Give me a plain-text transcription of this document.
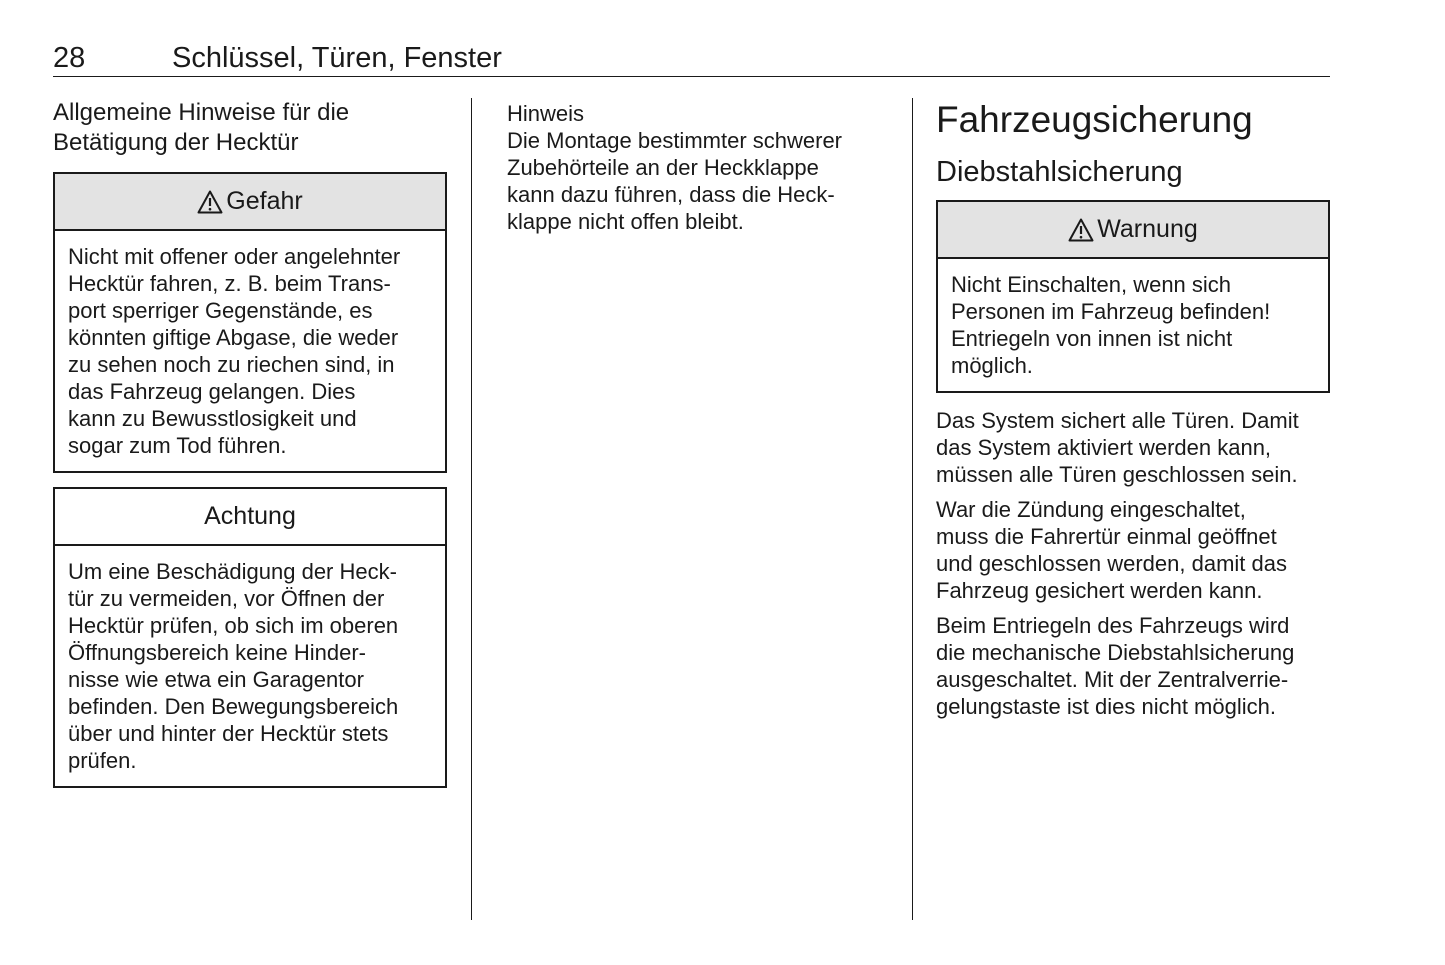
28	Schlüssel, Türen, Fenster
Allgemeine Hinweise für die
Betätigung der Hecktür
Gefahr
Nicht mit offener oder angelehnter
Hecktür fahren, z. B. beim Trans-
port sperriger Gegenstände, es
könnten giftige Abgase, die weder
zu sehen noch zu riechen sind, in
das Fahrzeug gelangen. Dies
kann zu Bewusstlosigkeit und
sogar zum Tod führen.
Achtung
Um eine Beschädigung der Heck-
tür zu vermeiden, vor Öffnen der
Hecktür prüfen, ob sich im oberen
Öffnungsbereich keine Hinder-
nisse wie etwa ein Garagentor
befinden. Den Bewegungsbereich
über und hinter der Hecktür stets
prüfen.
Hinweis
Die Montage bestimmter schwerer
Zubehörteile an der Heckklappe
kann dazu führen, dass die Heck-
klappe nicht offen bleibt.
Fahrzeugsicherung
Diebstahlsicherung
Warnung
Nicht Einschalten, wenn sich
Personen im Fahrzeug befinden!
Entriegeln von innen ist nicht
möglich.
Das System sichert alle Türen. Damit
das System aktiviert werden kann,
müssen alle Türen geschlossen sein.
War die Zündung eingeschaltet,
muss die Fahrertür einmal geöffnet
und geschlossen werden, damit das
Fahrzeug gesichert werden kann.
Beim Entriegeln des Fahrzeugs wird
die mechanische Diebstahlsicherung
ausgeschaltet. Mit der Zentralverrie-
gelungstaste ist dies nicht möglich.
